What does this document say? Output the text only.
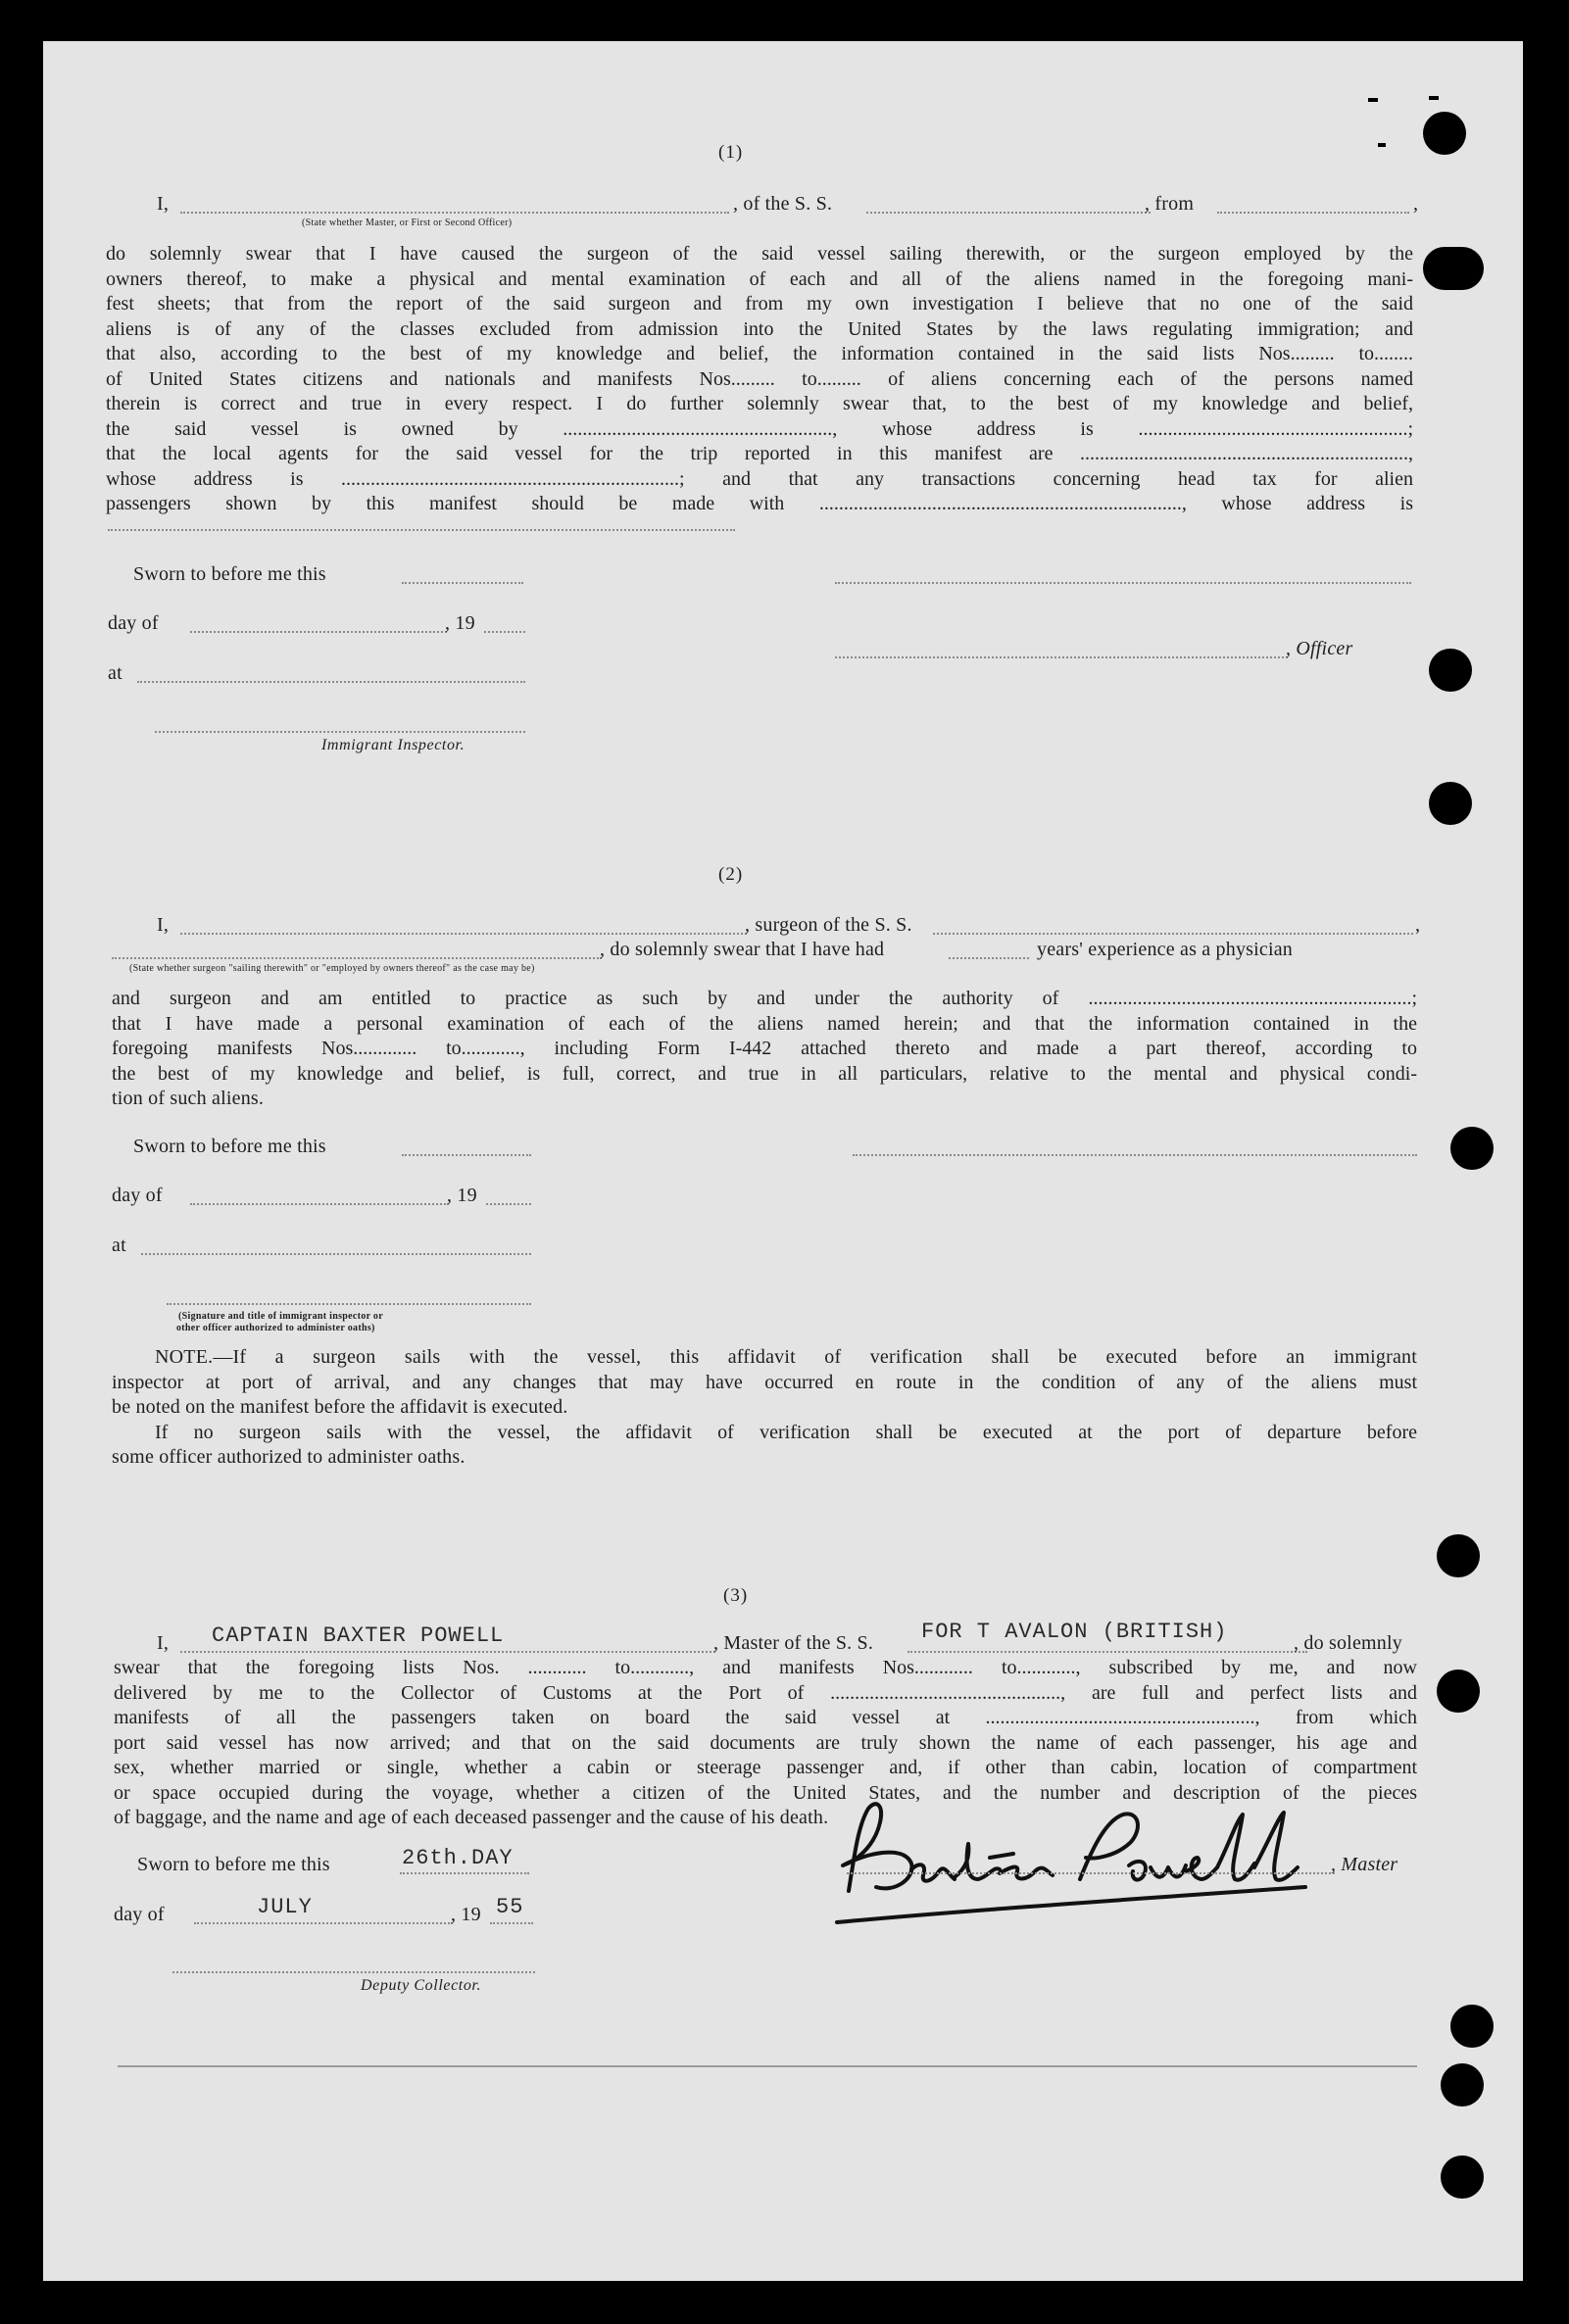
(1)
I,	, of the S. S.	, from	,
(State whether Master, or First or Second Officer)
do solemnly swear that I have caused the surgeon of the said vessel sailing therewith, or the surgeon employed by the
owners thereof, to make a physical and mental examination of each and all of the aliens named in the foregoing mani-
fest sheets; that from the report of the said surgeon and from my own investigation I believe that no one of the said
aliens is of any of the classes excluded from admission into the United States by the laws regulating immigration; and
that also, according to the best of my knowledge and belief, the information contained in the said lists Nos......... to........
of United States citizens and nationals and manifests Nos......... to......... of aliens concerning each of the persons named
therein is correct and true in every respect. I do further solemnly swear that, to the best of my knowledge and belief,
the said vessel is owned by ......................................................., whose address is .......................................................;
that the local agents for the said vessel for the trip reported in this manifest are ...................................................................,
whose address is .....................................................................; and that any transactions concerning head tax for alien
passengers shown by this manifest should be made with .........................................................................., whose address is
Sworn to before me this
day of	, 19
, Officer
at
Immigrant Inspector.
(2)
I,	, surgeon of the S. S.	,
, do solemnly swear that I have had	years' experience as a physician
(State whether surgeon "sailing therewith" or "employed by owners thereof" as the case may be)
and surgeon and am entitled to practice as such by and under the authority of ..................................................................;
that I have made a personal examination of each of the aliens named herein; and that the information contained in the
foregoing manifests Nos............. to............, including Form I-442 attached thereto and made a part thereof, according to
the best of my knowledge and belief, is full, correct, and true in all particulars, relative to the mental and physical condi-
tion of such aliens.
Sworn to before me this
day of	, 19
at
(Signature and title of immigrant inspector or
other officer authorized to administer oaths)
NOTE.—If a surgeon sails with the vessel, this affidavit of verification shall be executed before an immigrant
inspector at port of arrival, and any changes that may have occurred en route in the condition of any of the aliens must
be noted on the manifest before the affidavit is executed.
If no surgeon sails with the vessel, the affidavit of verification shall be executed at the port of departure before
some officer authorized to administer oaths.
(3)
I, CAPTAIN BAXTER POWELL	, Master of the S. S. FOR T AVALON (BRITISH)	, do solemnly
swear that the foregoing lists Nos. ............ to............, and manifests Nos............ to............, subscribed by me, and now
delivered by me to the Collector of Customs at the Port of ..............................................., are full and perfect lists and
manifests of all the passengers taken on board the said vessel at ......................................................., from which
port said vessel has now arrived; and that on the said documents are truly shown the name of each passenger, his age and
sex, whether married or single, whether a cabin or steerage passenger and, if other than cabin, location of compartment
or space occupied during the voyage, whether a citizen of the United States, and the number and description of the pieces
of baggage, and the name and age of each deceased passenger and the cause of his death.
Sworn to before me this	26th.DAY	, Master
day of	JULY	, 19 55
Deputy Collector.
